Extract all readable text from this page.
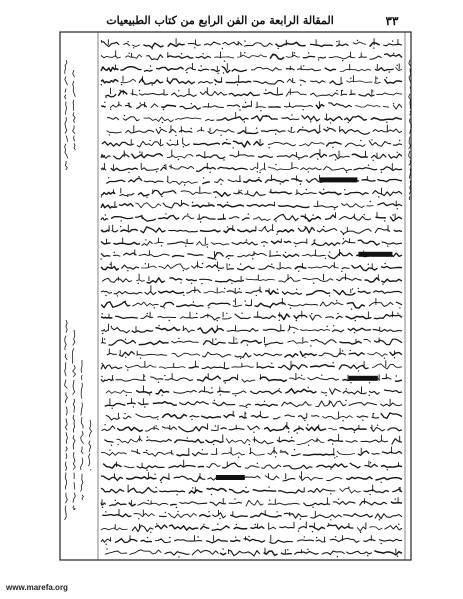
المقالة الرابعة من الفن الرابع من كتاب الطبيعيات	٣٣
www.marefa.org
